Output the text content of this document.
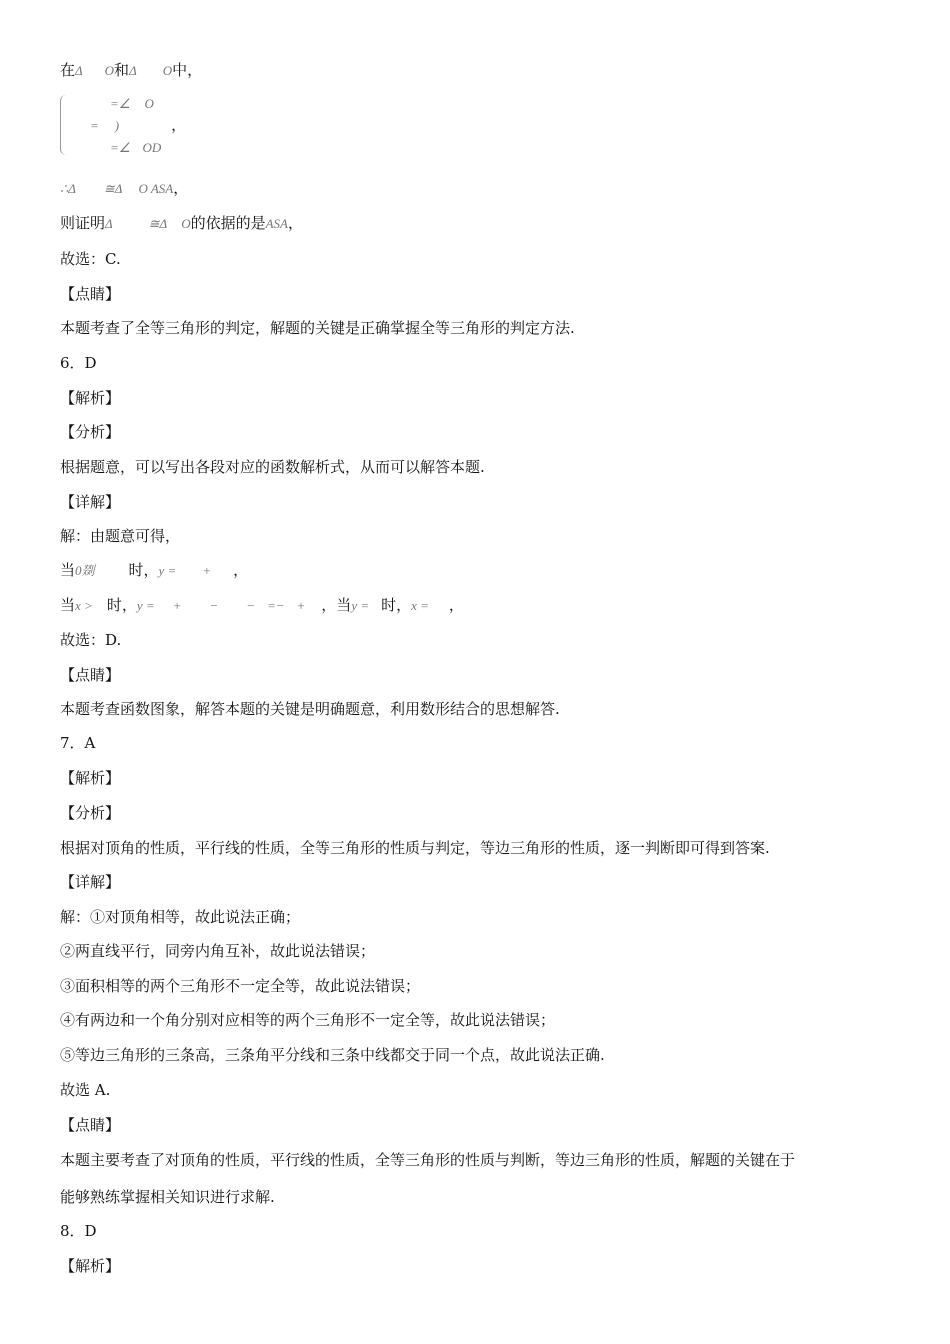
在Δ O和Δ O中，
=∠ O
= )	，
=∠ OD
∴Δ ≅Δ O ASA，
则证明Δ	≅Δ O的依据的是ASA，
故选：C.
【点睛】
本题考查了全等三角形的判定，解题的关键是正确掌握全等三角形的判定方法.
6．D
【解析】
【分析】
根据题意，可以写出各段对应的函数解析式，从而可以解答本题.
【详解】
解：由题意可得，
当0剟 时，y = + ，
当x > 时，y = + − − =− + ，当y = 时，x = ，
故选：D.
【点睛】
本题考查函数图象，解答本题的关键是明确题意，利用数形结合的思想解答.
7．A
【解析】
【分析】
根据对顶角的性质，平行线的性质，全等三角形的性质与判定，等边三角形的性质，逐一判断即可得到答案.
【详解】
解：①对顶角相等，故此说法正确；
②两直线平行，同旁内角互补，故此说法错误；
③面积相等的两个三角形不一定全等，故此说法错误；
④有两边和一个角分别对应相等的两个三角形不一定全等，故此说法错误；
⑤等边三角形的三条高，三条角平分线和三条中线都交于同一个点，故此说法正确.
故选 A.
【点睛】
本题主要考查了对顶角的性质，平行线的性质，全等三角形的性质与判断，等边三角形的性质，解题的关键在于
能够熟练掌握相关知识进行求解.
8．D
【解析】
